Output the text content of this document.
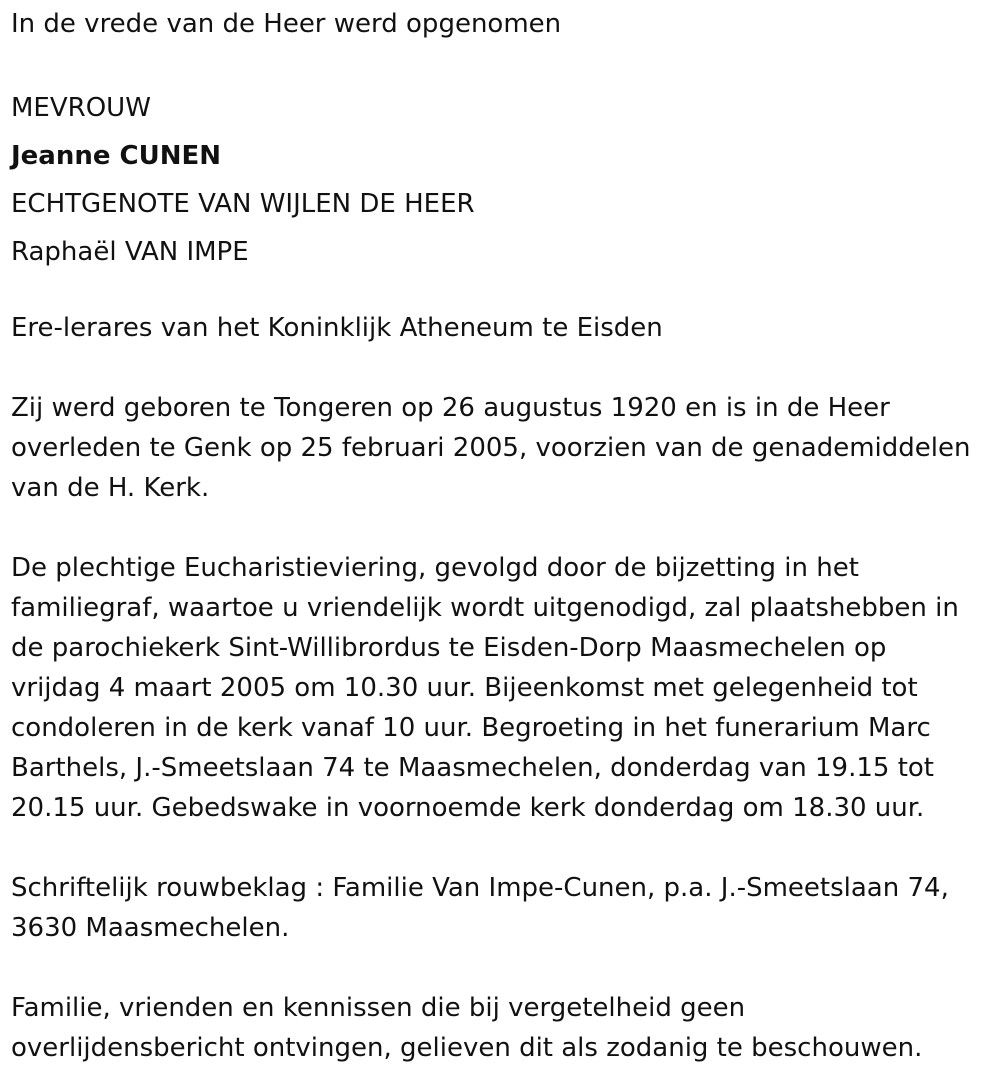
In de vrede van de Heer werd opgenomen
MEVROUW
Jeanne CUNEN
ECHTGENOTE VAN WIJLEN DE HEER
Raphaël VAN IMPE
Ere-lerares van het Koninklijk Atheneum te Eisden
Zij werd geboren te Tongeren op 26 augustus 1920 en is in de Heer
overleden te Genk op 25 februari 2005, voorzien van de genademiddelen
van de H. Kerk.
De plechtige Eucharistieviering, gevolgd door de bijzetting in het
familiegraf, waartoe u vriendelijk wordt uitgenodigd, zal plaatshebben in
de parochiekerk Sint-Willibrordus te Eisden-Dorp Maasmechelen op
vrijdag 4 maart 2005 om 10.30 uur. Bijeenkomst met gelegenheid tot
condoleren in de kerk vanaf 10 uur. Begroeting in het funerarium Marc
Barthels, J.-Smeetslaan 74 te Maasmechelen, donderdag van 19.15 tot
20.15 uur. Gebedswake in voornoemde kerk donderdag om 18.30 uur.
Schriftelijk rouwbeklag : Familie Van Impe-Cunen, p.a. J.-Smeetslaan 74,
3630 Maasmechelen.
Familie, vrienden en kennissen die bij vergetelheid geen
overlijdensbericht ontvingen, gelieven dit als zodanig te beschouwen.
